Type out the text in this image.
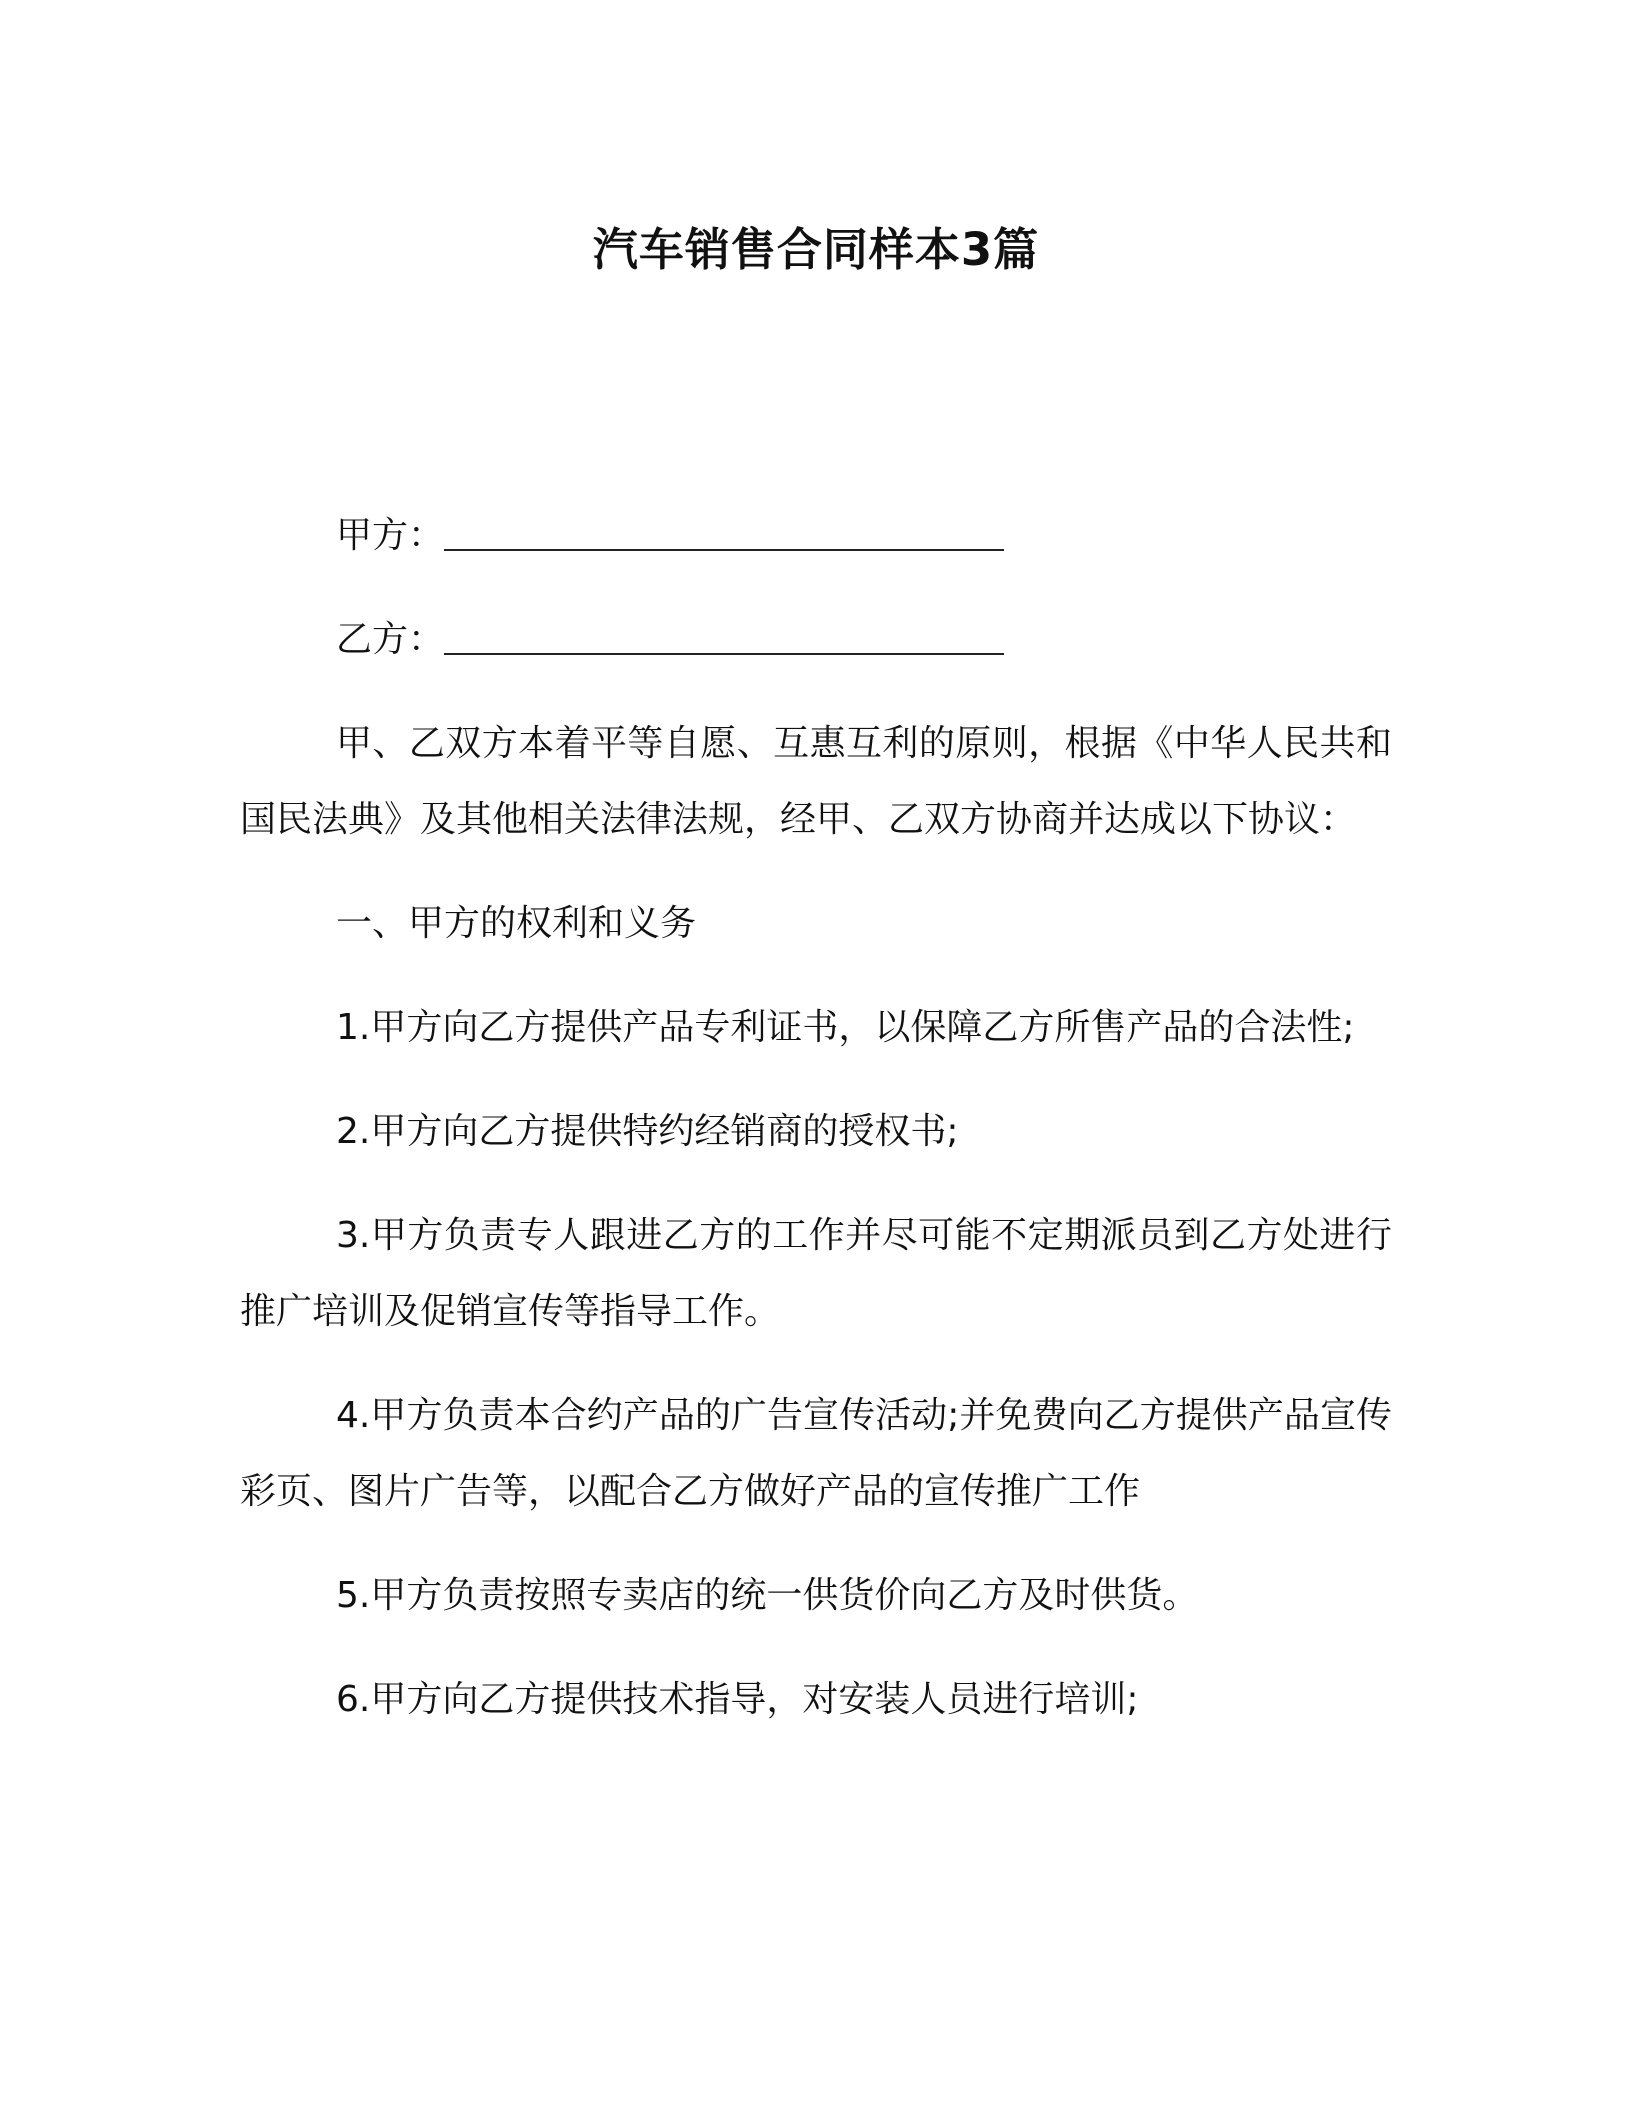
汽车销售合同样本3篇
甲方：
乙方：

甲、乙双方本着平等自愿、互惠互利的原则，根据《中华人民共和国民法典》及其他相关法律法规，经甲、乙双方协商并达成以下协议：

一、甲方的权利和义务

1.甲方向乙方提供产品专利证书，以保障乙方所售产品的合法性;

2.甲方向乙方提供特约经销商的授权书;

3.甲方负责专人跟进乙方的工作并尽可能不定期派员到乙方处进行推广培训及促销宣传等指导工作。

4.甲方负责本合约产品的广告宣传活动;并免费向乙方提供产品宣传彩页、图片广告等，以配合乙方做好产品的宣传推广工作

5.甲方负责按照专卖店的统一供货价向乙方及时供货。

6.甲方向乙方提供技术指导，对安装人员进行培训;
